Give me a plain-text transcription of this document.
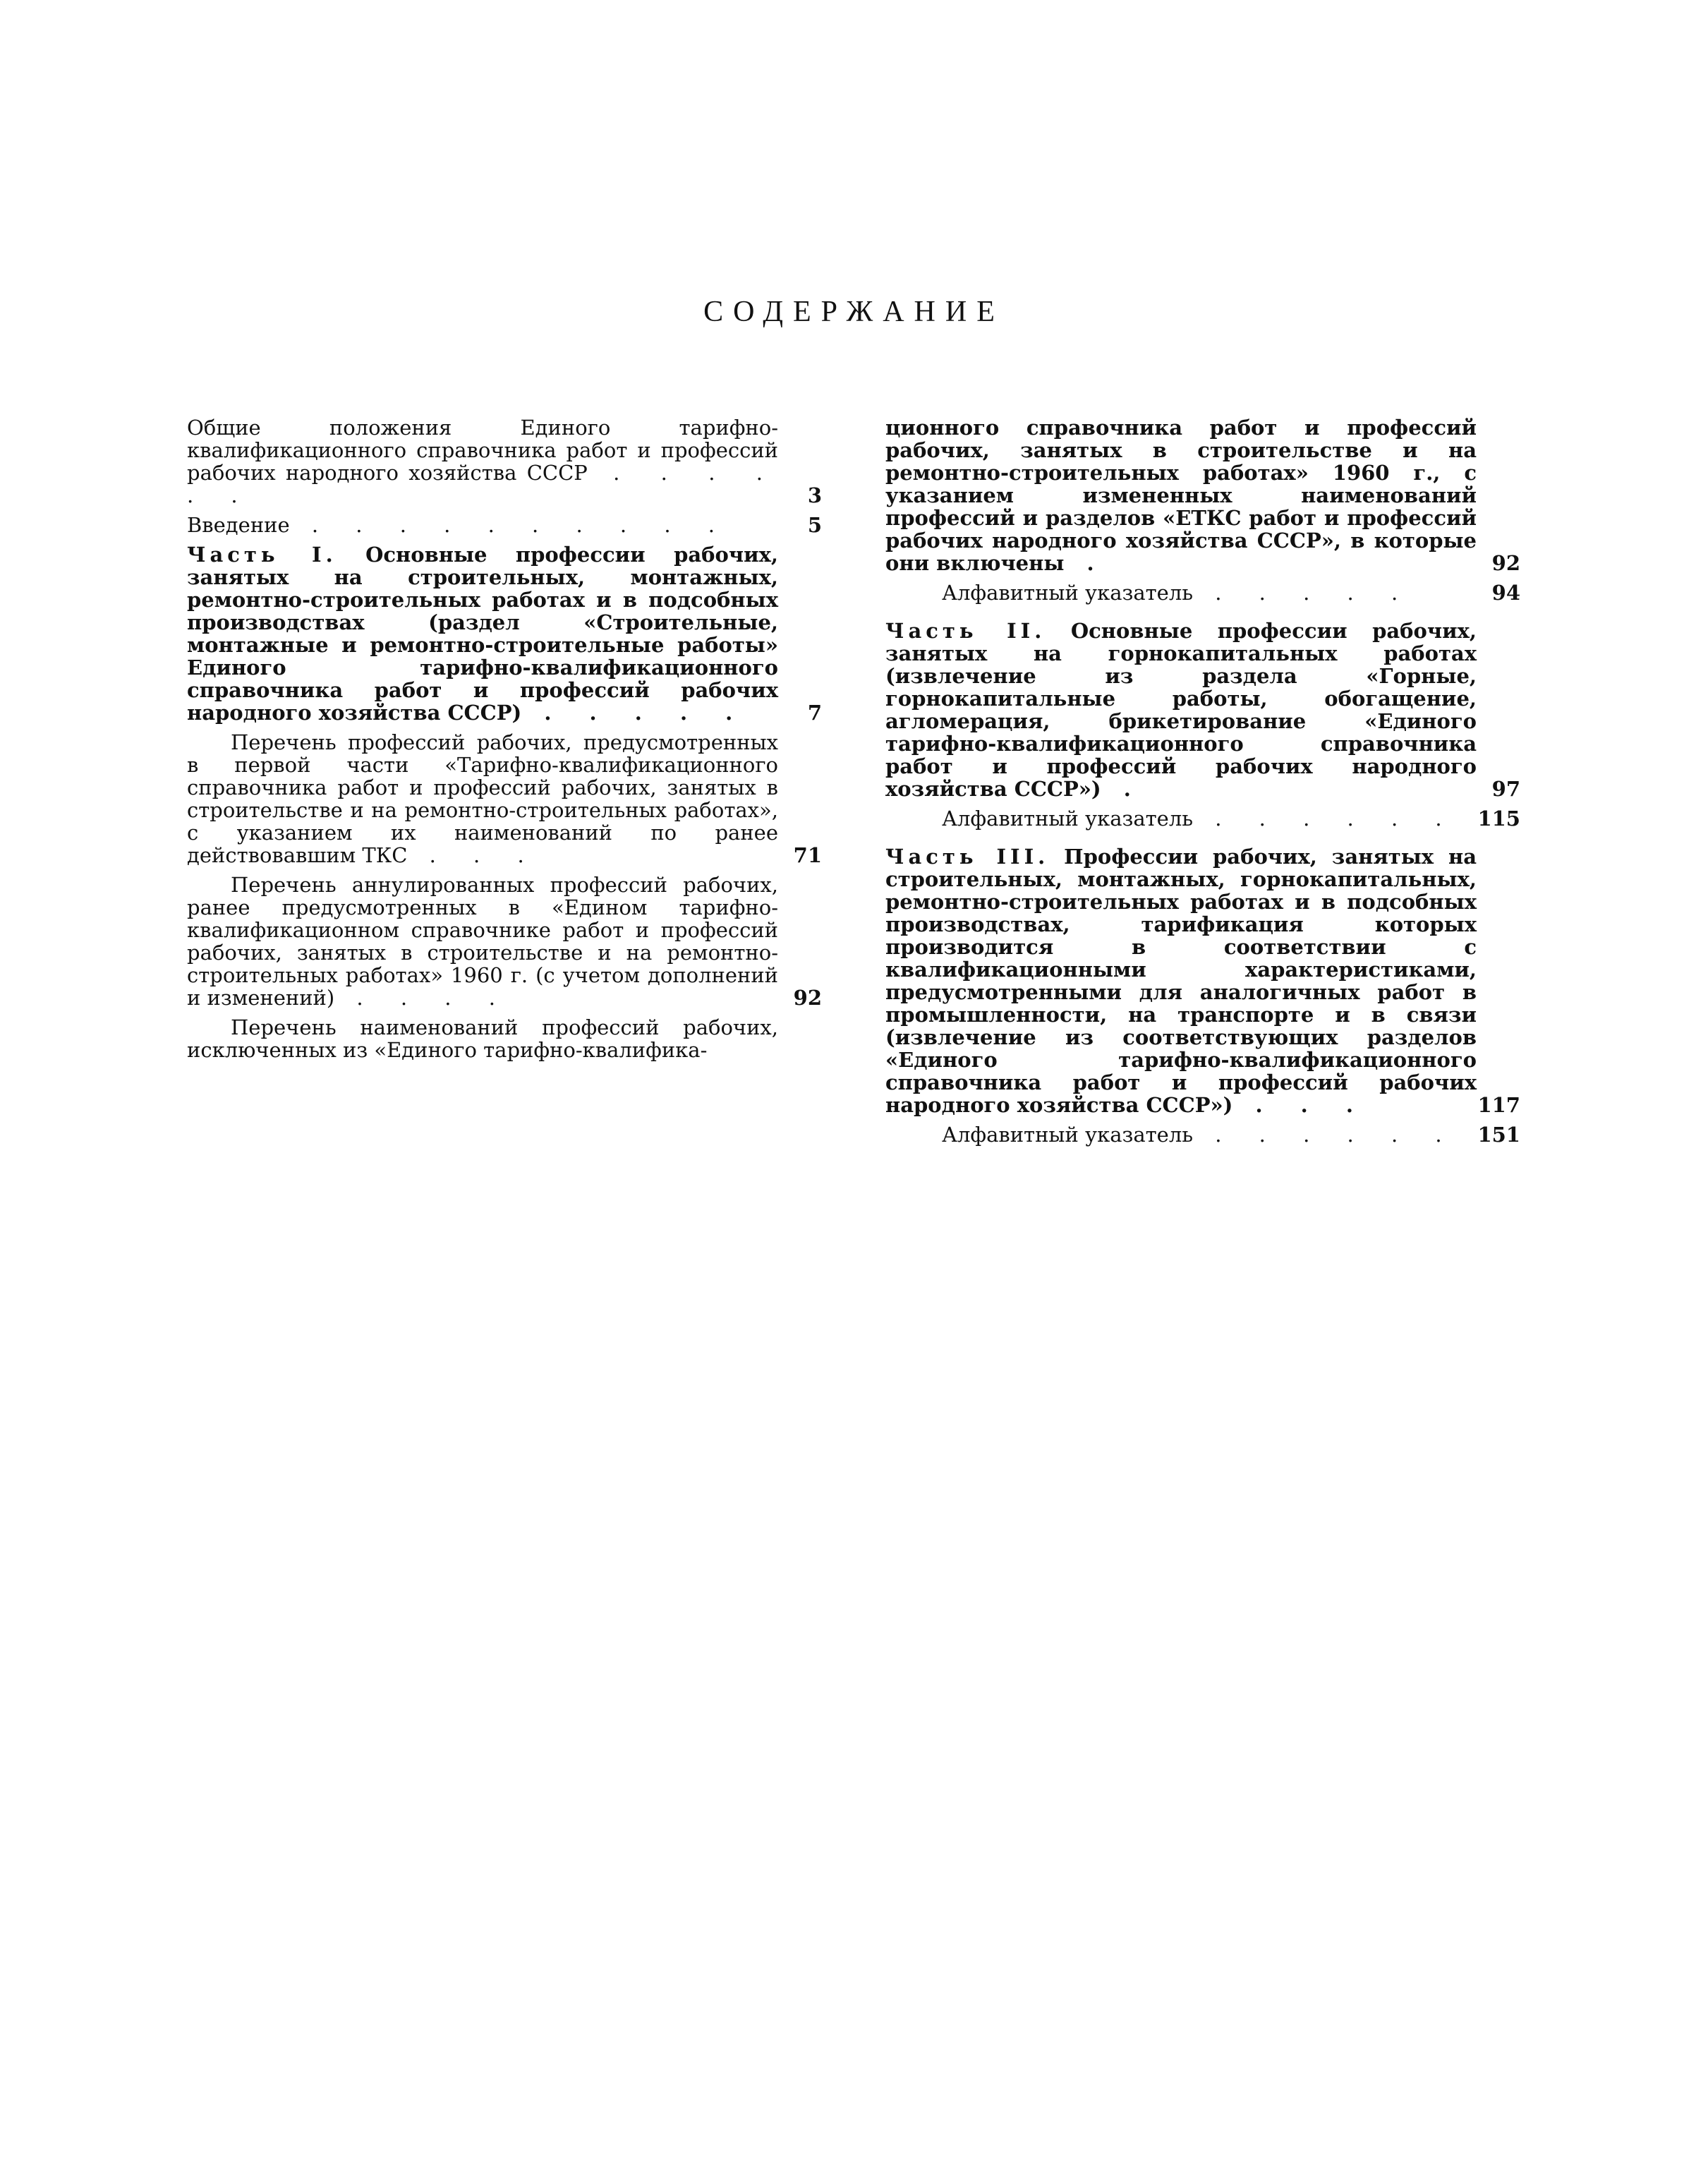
СОДЕРЖАНИЕ
Общие положения Единого тарифно-квалификационного справочника работ и профессий рабочих народного хозяйства СССР . . . . . .	3
Введение . . . . . . . . . .	5
Часть I. Основные профессии рабочих, занятых на строительных, монтажных, ремонтно-строительных работах и в подсобных производствах (раздел «Строительные, монтажные и ремонтно-строительные работы» Единого тарифно-квалификационного справочника работ и профессий рабочих народного хозяйства СССР) . . . . .	7
Перечень профессий рабочих, предусмотренных в первой части «Тарифно-квалификационного справочника работ и профессий рабочих, занятых в строительстве и на ремонтно-строительных работах», с указанием их наименований по ранее действовавшим ТКС . . .	71
Перечень аннулированных профессий рабочих, ранее предусмотренных в «Едином тарифно-квалификационном справочнике работ и профессий рабочих, занятых в строительстве и на ремонтно-строительных работах» 1960 г. (с учетом дополнений и изменений) . . . .	92
Перечень наименований профессий рабочих, исключенных из «Единого тарифно-квалифика-
ционного справочника работ и профессий рабочих, занятых в строительстве и на ремонтно-строительных работах» 1960 г., с указанием измененных наименований профессий и разделов «ЕТКС работ и профессий рабочих народного хозяйства СССР», в которые они включены .	92
Алфавитный указатель . . . . .	94
Часть II. Основные профессии рабочих, занятых на горнокапитальных работах (извлечение из раздела «Горные, горнокапитальные работы, обогащение, агломерация, брикетирование «Единого тарифно-квалификационного справочника работ и профессий рабочих народного хозяйства СССР») .	97
Алфавитный указатель . . . . . . 115
Часть III. Профессии рабочих, занятых на строительных, монтажных, горнокапитальных, ремонтно-строительных работах и в подсобных производствах, тарификация которых производится в соответствии с квалификационными характеристиками, предусмотренными для аналогичных работ в промышленности, на транспорте и в связи (извлечение из соответствующих разделов «Единого тарифно-квалификационного справочника работ и профессий рабочих народного хозяйства СССР») . . .	117
Алфавитный указатель . . . . . . 151
